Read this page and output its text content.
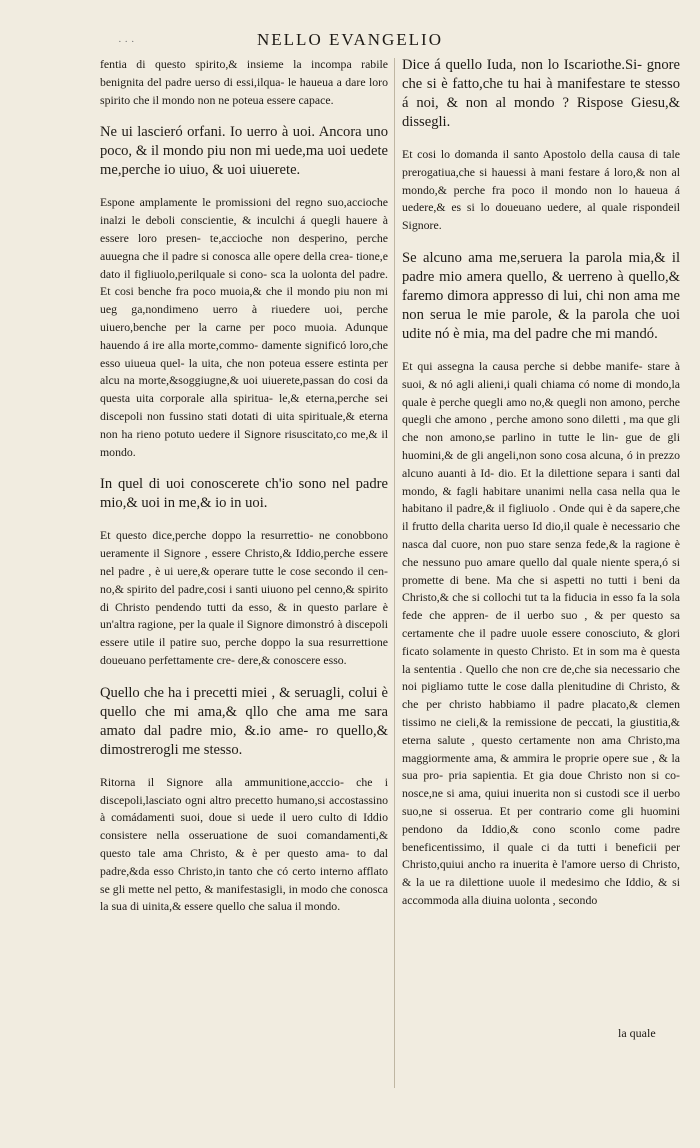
· · ·	NELLO EVANGELIO

fentia di questo spirito,& insieme la incompa rabile benignita del padre uerso di essi,ilqua- le haueua a dare loro spirito che il mondo non ne poteua essere capace.

Ne ui lascieró orfani. Io uerro à uoi. Ancora uno poco, & il mondo piu non mi uede,ma uoi uedete me,perche io uiuo, & uoi uiuerete.

Espone amplamente le promissioni del regno suo,accioche inalzi le deboli conscientie, & inculchi á quegli hauere à essere loro presen- te,accioche non desperino, perche auuegna che il padre si conosca alle opere della crea- tione,e dato il figliuolo,perilquale si cono- sca la uolonta del padre. Et cosi benche fra poco muoia,& che il mondo piu non mi ueg ga,nondimeno uerro à riuedere uoi, perche uiuero,benche per la carne per poco muoia. Adunque hauendo á ire alla morte,commo- damente significó loro,che esso uiueua quel- la uita, che non poteua essere estinta per alcu na morte,&soggiugne,& uoi uiuerete,passan do cosi da questa uita corporale alla spiritua- le,& eterna,perche sei discepoli non fussino stati dotati di uita spirituale,& eterna non ha rieno potuto uedere il Signore risuscitato,co me,& il mondo.

In quel di uoi conoscerete ch'io sono nel padre mio,& uoi in me,& io in uoi.

Et questo dice,perche doppo la resurrettio- ne conobbono ueramente il Signore , essere Christo,& Iddio,perche essere nel padre , è ui uere,& operare tutte le cose secondo il cen- no,& spirito del padre,cosi i santi uiuono pel cenno,& spirito di Christo pendendo tutti da esso, & in questo parlare è un'altra ragione, per la quale il Signore dimonstró à discepoli essere utile il patire suo, perche doppo la sua resurrettione doueuano perfettamente cre- dere,& conoscere esso.

Quello che ha i precetti miei , & seruagli, colui è quello che mi ama,& qllo che ama me sara amato dal padre mio, &.io ame- ro quello,& dimostrerogli me stesso.

Ritorna il Signore alla ammunitione,acccio- che i discepoli,lasciato ogni altro precetto humano,si accostassino à comádamenti suoi, doue si uede il uero culto di Iddio consistere nella osseruatione de suoi comandamenti,& questo tale ama Christo, & è per questo ama- to dal padre,&da esso Christo,in tanto che có certo interno afflato se gli mette nel petto, & manifestasigli, in modo che conosca la sua di uinita,& essere quello che salua il mondo.

Dice á quello Iuda, non lo Iscariothe.Si- gnore che si è fatto,che tu hai à manifestare te stesso á noi, & non al mondo ? Rispose Giesu,& dissegli.

Et cosi lo domanda il santo Apostolo della causa di tale prerogatiua,che si hauessi à mani festare á loro,& non al mondo,& perche fra poco il mondo non lo haueua á uedere,& es si lo doueuano uedere, al quale rispondeil Signore.

Se alcuno ama me,seruera la parola mia,& il padre mio amera quello, & uerreno à quello,& faremo dimora appresso di lui, chi non ama me non serua le mie parole, & la parola che uoi udite nó è mia, ma del padre che mi mandó.

Et qui assegna la causa perche si debbe manife- stare à suoi, & nó agli alieni,i quali chiama có nome di mondo,la quale è perche quegli amo no,& quegli non amono, perche quegli che amono , perche amono sono diletti , ma que gli che non amono,se parlino in tutte le lin- gue de gli huomini,& de gli angeli,non sono cosa alcuna, ó in prezzo alcuno auanti à Id- dio. Et la dilettione separa i santi dal mondo, & fagli habitare unanimi nella casa nella qua le habitano il padre,& il figliuolo . Onde qui è da sapere,che il frutto della charita uerso Id dio,il quale è necessario che nasca dal cuore, non puo stare senza fede,& la ragione è che nessuno puo amare quello dal quale niente spera,ó si promette di bene. Ma che si aspetti no tutti i beni da Christo,& che si collochi tut ta la fiducia in esso fa la sola fede che appren- de il uerbo suo , & per questo sa certamente che il padre uuole essere conosciuto, & glori ficato solamente in questo Christo. Et in som ma è questa la sententia . Quello che non cre de,che sia necessario che noi pigliamo tutte le cose dalla plenitudine di Christo, & che per christo habbiamo il padre placato,& clemen tissimo ne cieli,& la remissione de peccati, la giustitia,& eterna salute , questo certamente non ama Christo,ma maggiormente ama, & ammira le proprie opere sue , & la sua pro- pria sapientia. Et gia doue Christo non si co- nosce,ne si ama, quiui inuerita non si custodi sce il uerbo suo,ne si osserua. Et per contrario come gli huomini pendono da Iddio,& cono sconlo come padre beneficentissimo, il quale ci da tutti i beneficii per Christo,quiui ancho ra inuerita è l'amore uerso di Christo, & la ue ra dilettione uuole il medesimo che Iddio, & si accommoda alla diuina uolonta , secondo

la quale
